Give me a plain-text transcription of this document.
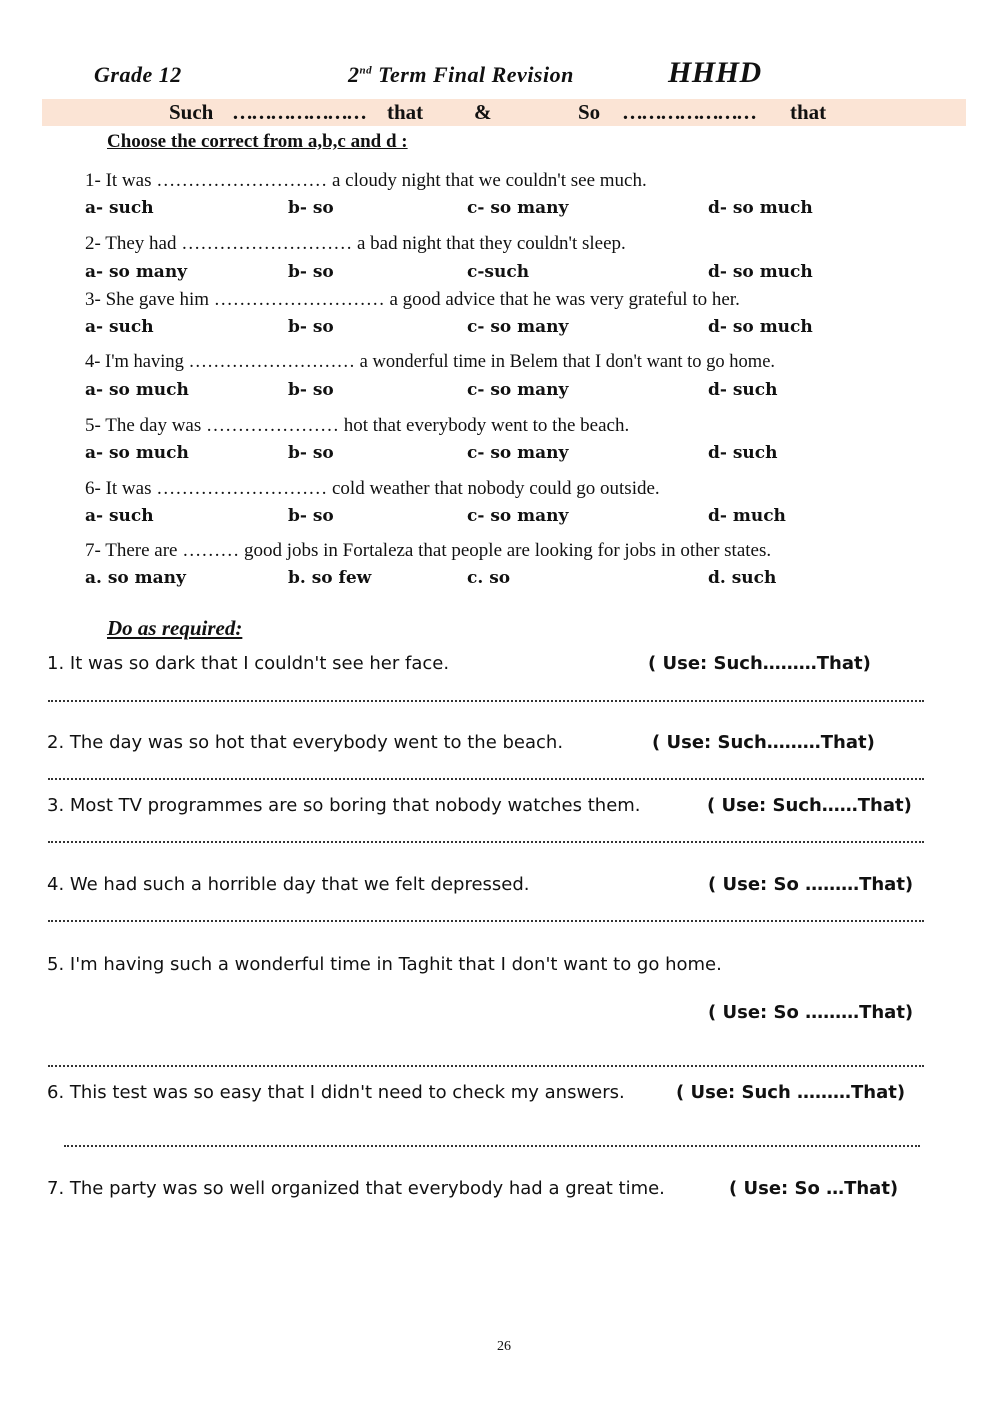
Grade 12	2nd Term Final Revision	HHHD
Such ………………… that &	So ………………… that
Choose the correct from a,b,c and d :
1- It was ……………………… a cloudy night that we couldn't see much.
a- such	b- so	c- so many	d- so much
2- They had ……………………… a bad night that they couldn't sleep.
a- so many	b- so	c-such	d- so much
3- She gave him ……………………… a good advice that he was very grateful to her.
a- such	b- so	c- so many	d- so much
4- I'm having ……………………… a wonderful time in Belem that I don't want to go home.
a- so much	b- so	c- so many	d- such
5- The day was ………………… hot that everybody went to the beach.
a- so much	b- so	c- so many	d- such
6- It was ……………………… cold weather that nobody could go outside.
a- such	b- so	c- so many	d- much
7- There are ……… good jobs in Fortaleza that people are looking for jobs in other states.
a. so many	b. so few	c. so	d. such
Do as required:
1. It was so dark that I couldn't see her face.	( Use: Such………That)
2. The day was so hot that everybody went to the beach.	( Use: Such………That)
3. Most TV programmes are so boring that nobody watches them.	( Use: Such……That)
4. We had such a horrible day that we felt depressed.	( Use: So ………That)
5. I'm having such a wonderful time in Taghit that I don't want to go home.
( Use: So ………That)
6. This test was so easy that I didn't need to check my answers.	( Use: Such ………That)
7. The party was so well organized that everybody had a great time.	( Use: So …That)
26
